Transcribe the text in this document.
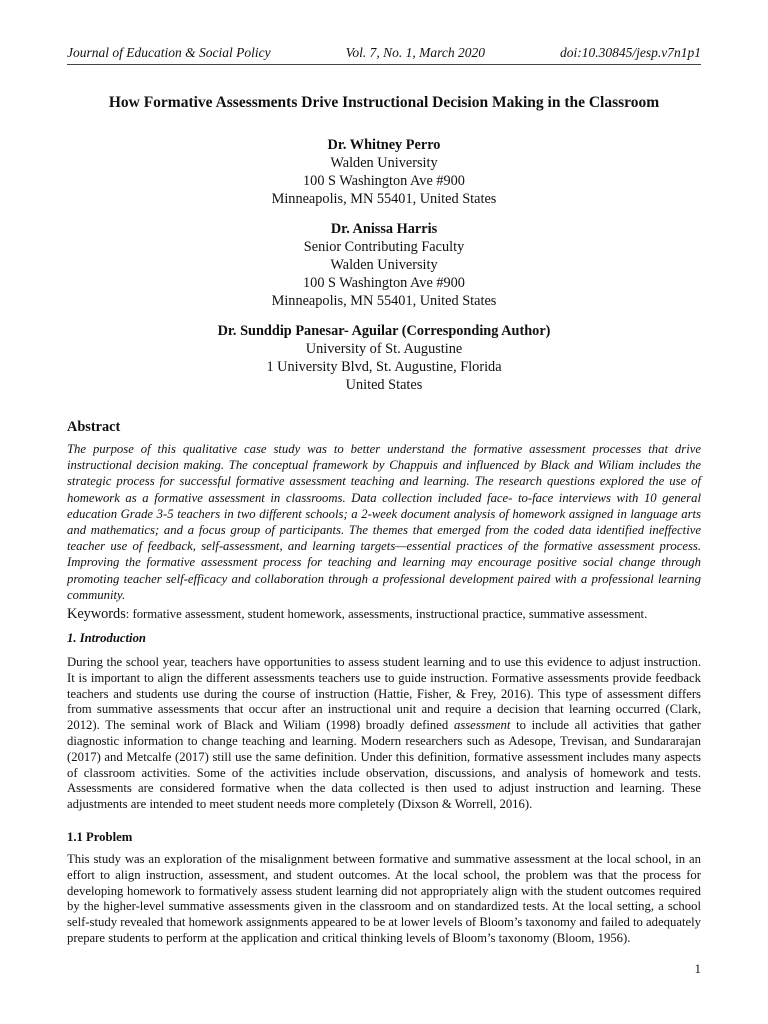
Journal of Education & Social Policy	Vol. 7, No. 1, March 2020	doi:10.30845/jesp.v7n1p1
How Formative Assessments Drive Instructional Decision Making in the Classroom
Dr. Whitney Perro
Walden University
100 S Washington Ave #900
Minneapolis, MN 55401, United States
Dr. Anissa Harris
Senior Contributing Faculty
Walden University
100 S Washington Ave #900
Minneapolis, MN 55401, United States
Dr. Sunddip Panesar- Aguilar (Corresponding Author)
University of St. Augustine
1 University Blvd, St. Augustine, Florida
United States
Abstract
The purpose of this qualitative case study was to better understand the formative assessment processes that drive instructional decision making. The conceptual framework by Chappuis and influenced by Black and Wiliam includes the strategic process for successful formative assessment teaching and learning. The research questions explored the use of homework as a formative assessment in classrooms. Data collection included face- to-face interviews with 10 general education Grade 3-5 teachers in two different schools; a 2-week document analysis of homework assigned in language arts and mathematics; and a focus group of participants. The themes that emerged from the coded data identified ineffective teacher use of feedback, self-assessment, and learning targets—essential practices of the formative assessment process. Improving the formative assessment process for teaching and learning may encourage positive social change through promoting teacher self-efficacy and collaboration through a professional development paired with a professional learning community.
Keywords: formative assessment, student homework, assessments, instructional practice, summative assessment.
1. Introduction
During the school year, teachers have opportunities to assess student learning and to use this evidence to adjust instruction. It is important to align the different assessments teachers use to guide instruction. Formative assessments provide feedback teachers and students use during the course of instruction (Hattie, Fisher, & Frey, 2016). This type of assessment differs from summative assessments that occur after an instructional unit and require a decision that learning occurred (Clark, 2012). The seminal work of Black and Wiliam (1998) broadly defined assessment to include all activities that gather diagnostic information to change teaching and learning. Modern researchers such as Adesope, Trevisan, and Sundararajan (2017) and Metcalfe (2017) still use the same definition. Under this definition, formative assessment includes many aspects of classroom activities. Some of the activities include observation, discussions, and analysis of homework and tests. Assessments are considered formative when the data collected is then used to adjust instruction and learning. These adjustments are intended to meet student needs more completely (Dixson & Worrell, 2016).
1.1 Problem
This study was an exploration of the misalignment between formative and summative assessment at the local school, in an effort to align instruction, assessment, and student outcomes. At the local school, the problem was that the process for developing homework to formatively assess student learning did not appropriately align with the student outcomes required by the higher-level summative assessments given in the classroom and on standardized tests. At the local setting, a school self-study revealed that homework assignments appeared to be at lower levels of Bloom’s taxonomy and failed to adequately prepare students to perform at the application and critical thinking levels of Bloom’s taxonomy (Bloom, 1956).
1
